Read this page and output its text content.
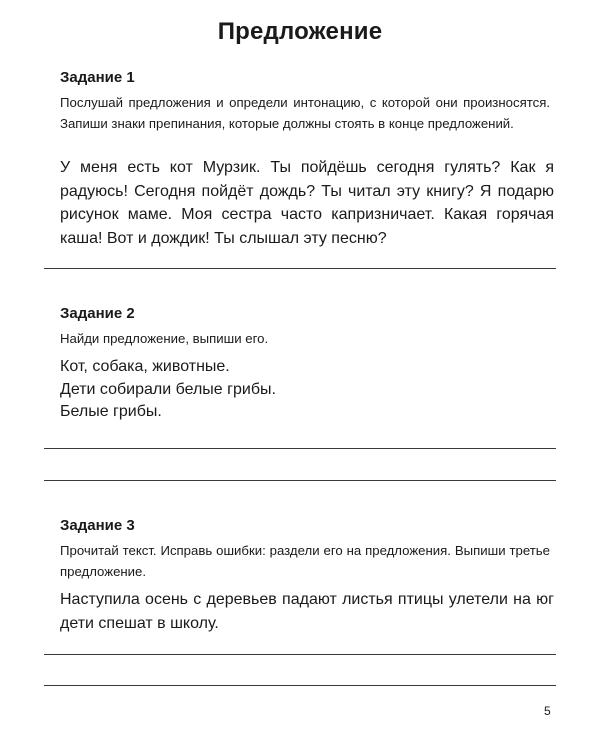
Предложение
Задание 1

Послушай предложения и определи интонацию, с которой они произносятся. Запиши знаки препинания, которые должны стоять в конце предложений.

У меня есть кот Мурзик. Ты пойдёшь сегодня гулять? Как я радуюсь! Сегодня пойдёт дождь? Ты читал эту книгу? Я подарю рисунок маме. Моя сестра часто капризничает. Какая горячая каша! Вот и дождик! Ты слышал эту песню?

Задание 2

Найди предложение, выпиши его.

Кот, собака, животные.
Дети собирали белые грибы.
Белые грибы.
Задание 3

Прочитай текст. Исправь ошибки: раздели его на предложения. Выпиши третье предложение.

Наступила осень с деревьев падают листья птицы улетели на юг дети спешат в школу.

5
